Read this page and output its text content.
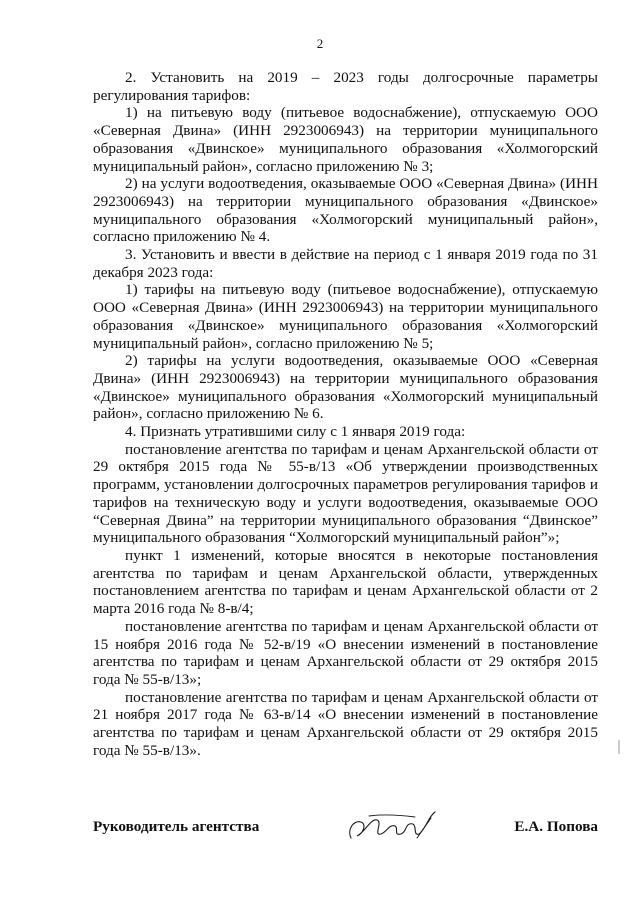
2

2. Установить на 2019 – 2023 годы долгосрочные параметры регулирования тарифов:

1) на питьевую воду (питьевое водоснабжение), отпускаемую ООО «Северная Двина» (ИНН 2923006943) на территории муниципального образования «Двинское» муниципального образования «Холмогорский муниципальный район», согласно приложению № 3;

2) на услуги водоотведения, оказываемые ООО «Северная Двина» (ИНН 2923006943) на территории муниципального образования «Двинское» муниципального образования «Холмогорский муниципальный район», согласно приложению № 4.

3. Установить и ввести в действие на период с 1 января 2019 года по 31 декабря 2023 года:

1) тарифы на питьевую воду (питьевое водоснабжение), отпускаемую ООО «Северная Двина» (ИНН 2923006943) на территории муниципального образования «Двинское» муниципального образования «Холмогорский муниципальный район», согласно приложению № 5;

2) тарифы на услуги водоотведения, оказываемые ООО «Северная Двина» (ИНН 2923006943) на территории муниципального образования «Двинское» муниципального образования «Холмогорский муниципальный район», согласно приложению № 6.

4. Признать утратившими силу с 1 января 2019 года:

постановление агентства по тарифам и ценам Архангельской области от 29 октября 2015 года № 55-в/13 «Об утверждении производственных программ, установлении долгосрочных параметров регулирования тарифов и тарифов на техническую воду и услуги водоотведения, оказываемые ООО “Северная Двина” на территории муниципального образования “Двинское” муниципального образования “Холмогорский муниципальный район”»;

пункт 1 изменений, которые вносятся в некоторые постановления агентства по тарифам и ценам Архангельской области, утвержденных постановлением агентства по тарифам и ценам Архангельской области от 2 марта 2016 года № 8-в/4;

постановление агентства по тарифам и ценам Архангельской области от 15 ноября 2016 года № 52-в/19 «О внесении изменений в постановление агентства по тарифам и ценам Архангельской области от 29 октября 2015 года № 55-в/13»;

постановление агентства по тарифам и ценам Архангельской области от 21 ноября 2017 года № 63-в/14 «О внесении изменений в постановление агентства по тарифам и ценам Архангельской области от 29 октября 2015 года № 55-в/13».

Руководитель агентства	Е.А. Попова
